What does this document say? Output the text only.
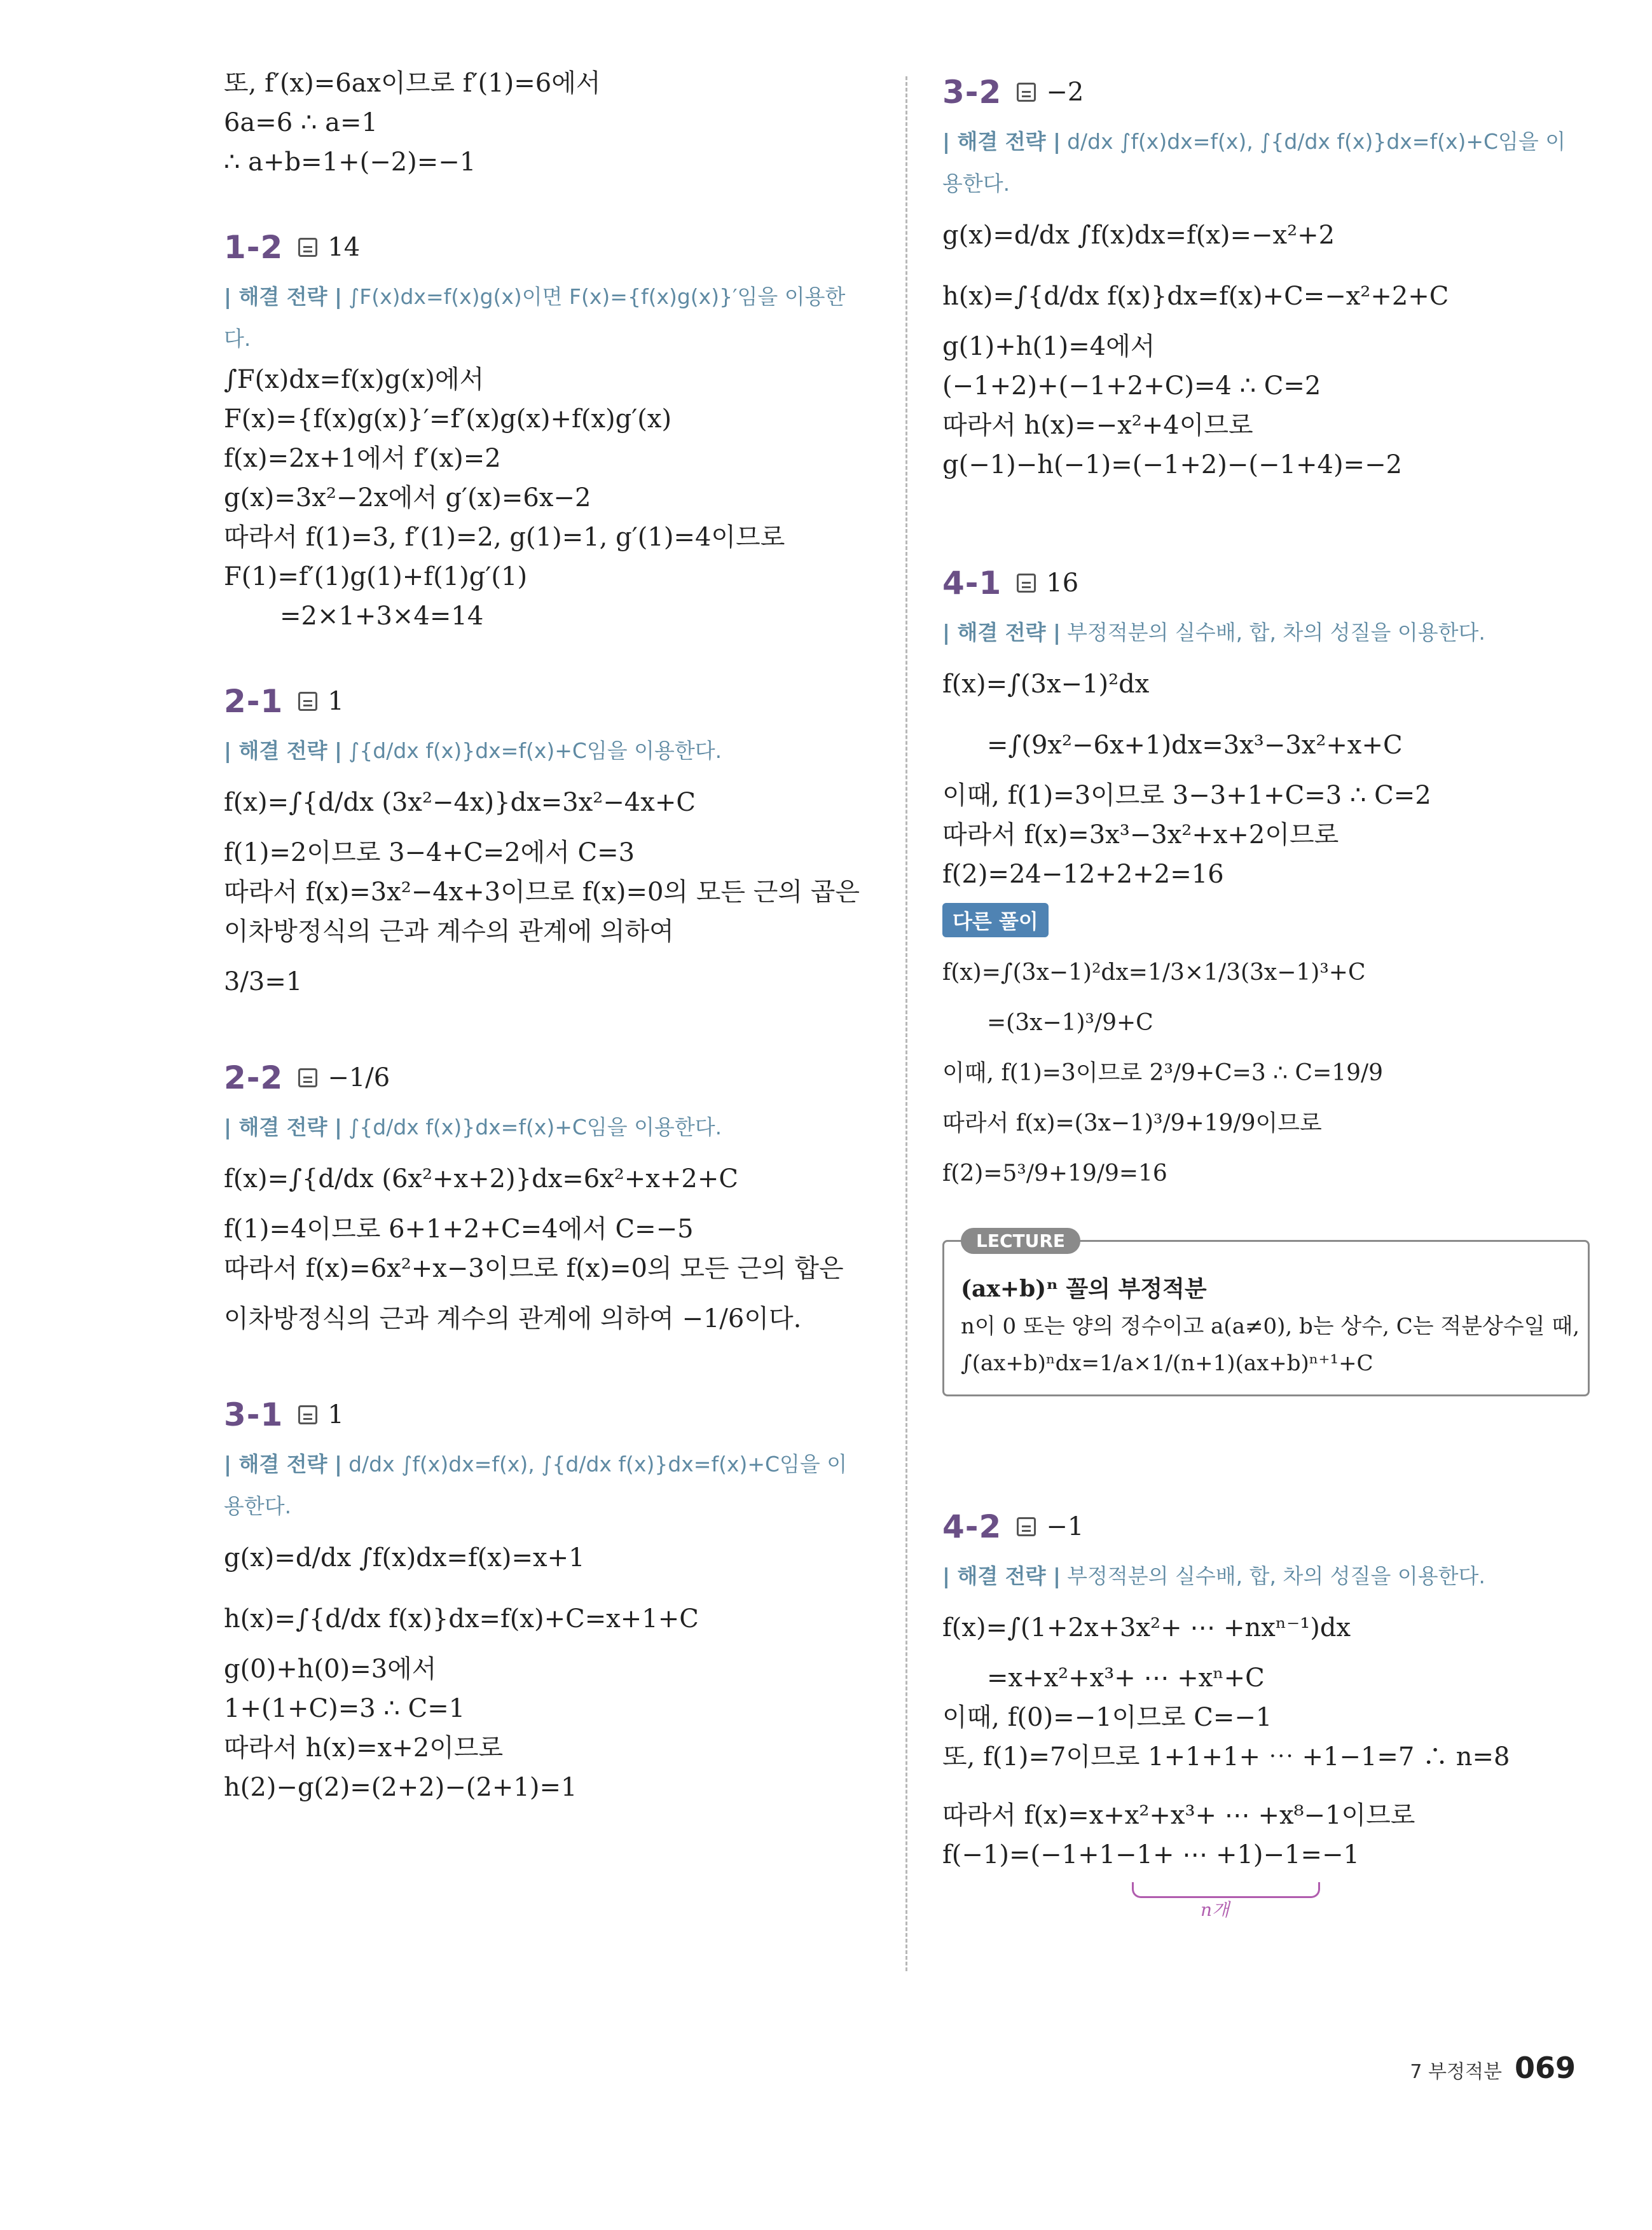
또, f′(x)=6ax이므로 f′(1)=6에서
6a=6 ∴ a=1
∴ a+b=1+(−2)=−1
1-2 14
| 해결 전략 | ∫F(x)dx=f(x)g(x)이면 F(x)={f(x)g(x)}′임을 이용한다.
∫F(x)dx=f(x)g(x)에서
F(x)={f(x)g(x)}′=f′(x)g(x)+f(x)g′(x)
f(x)=2x+1에서 f′(x)=2
g(x)=3x²−2x에서 g′(x)=6x−2
따라서 f(1)=3, f′(1)=2, g(1)=1, g′(1)=4이므로
F(1)=f′(1)g(1)+f(1)g′(1)
=2×1+3×4=14
2-1 1
| 해결 전략 | ∫{d/dx f(x)}dx=f(x)+C임을 이용한다.
f(x)=∫{d/dx (3x²−4x)}dx=3x²−4x+C
f(1)=2이므로 3−4+C=2에서 C=3
따라서 f(x)=3x²−4x+3이므로 f(x)=0의 모든 근의 곱은
이차방정식의 근과 계수의 관계에 의하여
3/3=1
2-2 −1/6
| 해결 전략 | ∫{d/dx f(x)}dx=f(x)+C임을 이용한다.
f(x)=∫{d/dx (6x²+x+2)}dx=6x²+x+2+C
f(1)=4이므로 6+1+2+C=4에서 C=−5
따라서 f(x)=6x²+x−3이므로 f(x)=0의 모든 근의 합은
이차방정식의 근과 계수의 관계에 의하여 −1/6이다.
3-1 1
| 해결 전략 | d/dx ∫f(x)dx=f(x), ∫{d/dx f(x)}dx=f(x)+C임을 이용한다.
g(x)=d/dx ∫f(x)dx=f(x)=x+1
h(x)=∫{d/dx f(x)}dx=f(x)+C=x+1+C
g(0)+h(0)=3에서
1+(1+C)=3 ∴ C=1
따라서 h(x)=x+2이므로
h(2)−g(2)=(2+2)−(2+1)=1
3-2 −2
| 해결 전략 | d/dx ∫f(x)dx=f(x), ∫{d/dx f(x)}dx=f(x)+C임을 이용한다.
g(x)=d/dx ∫f(x)dx=f(x)=−x²+2
h(x)=∫{d/dx f(x)}dx=f(x)+C=−x²+2+C
g(1)+h(1)=4에서
(−1+2)+(−1+2+C)=4 ∴ C=2
따라서 h(x)=−x²+4이므로
g(−1)−h(−1)=(−1+2)−(−1+4)=−2
4-1 16
| 해결 전략 | 부정적분의 실수배, 합, 차의 성질을 이용한다.
f(x)=∫(3x−1)²dx
=∫(9x²−6x+1)dx=3x³−3x²+x+C
이때, f(1)=3이므로 3−3+1+C=3 ∴ C=2
따라서 f(x)=3x³−3x²+x+2이므로
f(2)=24−12+2+2=16
다른 풀이
f(x)=∫(3x−1)²dx=1/3×1/3(3x−1)³+C
=(3x−1)³/9+C
이때, f(1)=3이므로 2³/9+C=3 ∴ C=19/9
따라서 f(x)=(3x−1)³/9+19/9이므로
f(2)=5³/9+19/9=16
LECTURE
(ax+b)ⁿ 꼴의 부정적분
n이 0 또는 양의 정수이고 a(a≠0), b는 상수, C는 적분상수일 때,
∫(ax+b)ⁿdx=1/a×1/(n+1)(ax+b)ⁿ⁺¹+C
4-2 −1
| 해결 전략 | 부정적분의 실수배, 합, 차의 성질을 이용한다.
f(x)=∫(1+2x+3x²+ ⋯ +nxⁿ⁻¹)dx
=x+x²+x³+ ⋯ +xⁿ+C
이때, f(0)=−1이므로 C=−1
또, f(1)=7이므로 1+1+1+ ⋯ +1−1=7 ∴ n=8
따라서 f(x)=x+x²+x³+ ⋯ +x⁸−1이므로
f(−1)=(−1+1−1+ ⋯ +1)−1=−1
n개
7 부정적분 069
